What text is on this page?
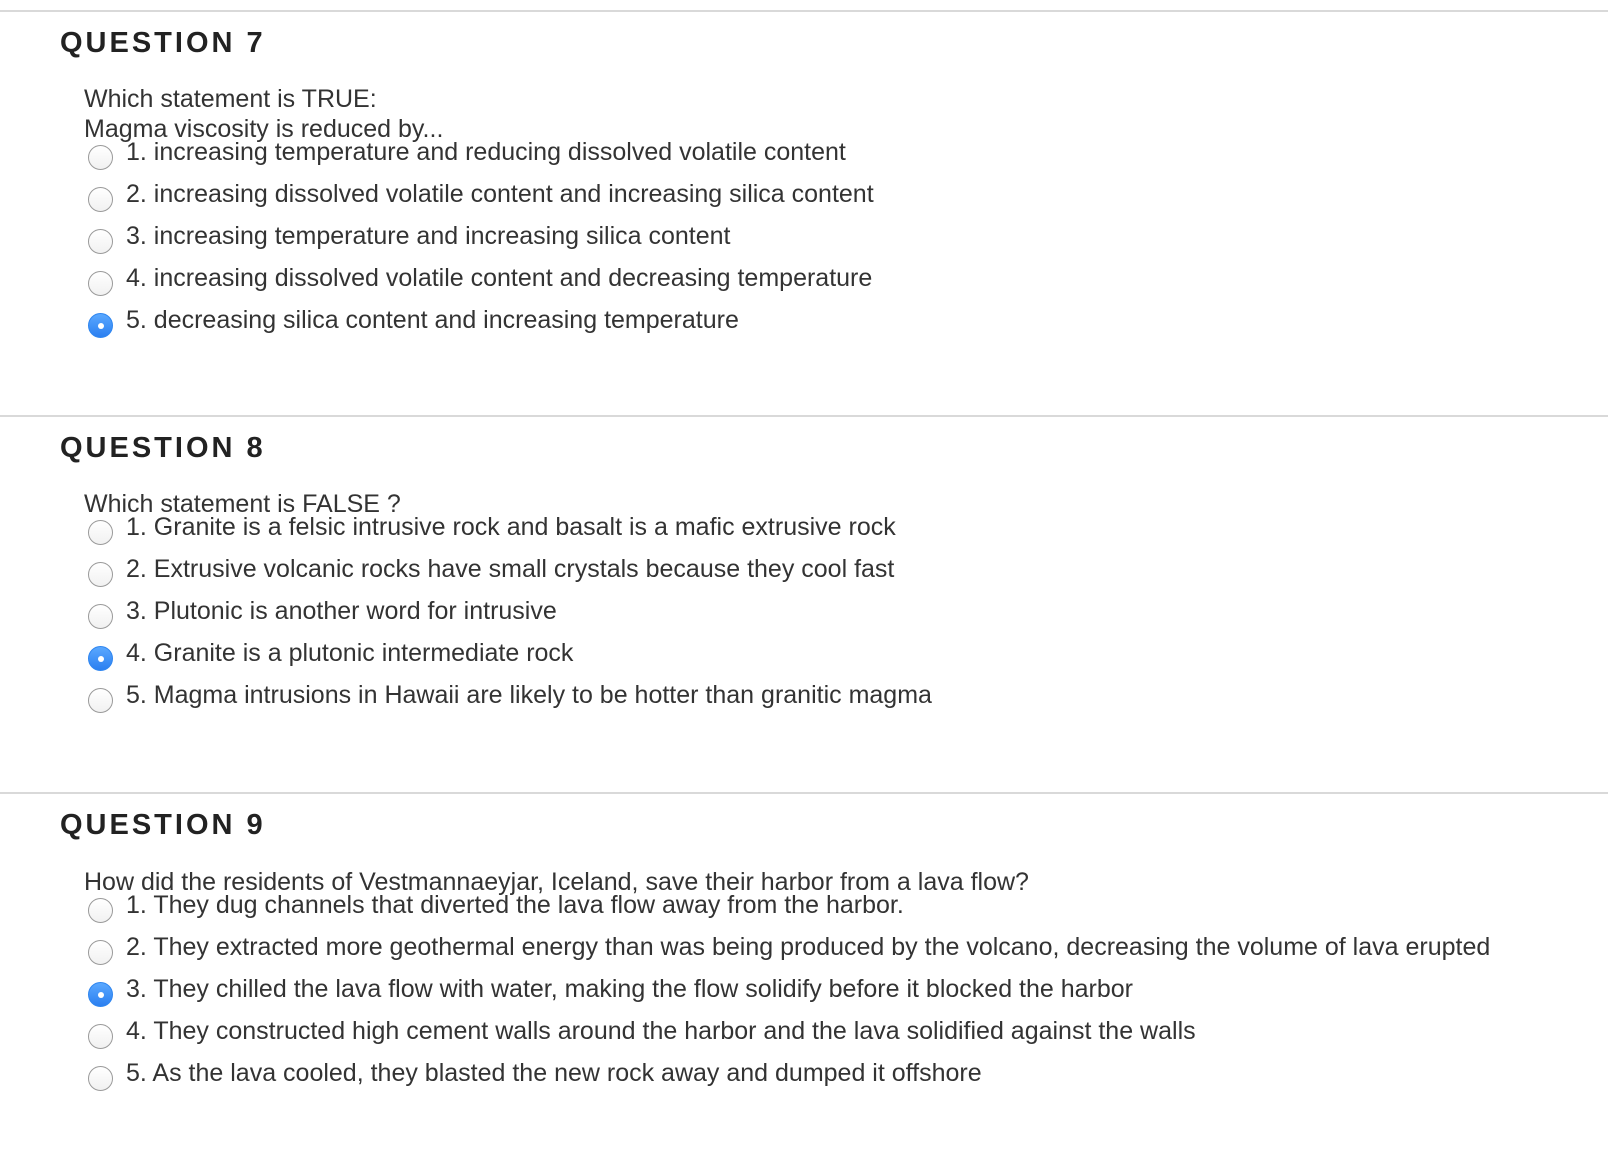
QUESTION 7
Which statement is TRUE:
Magma viscosity is reduced by...
1. increasing temperature and reducing dissolved volatile content
2. increasing dissolved volatile content and increasing silica content
3. increasing temperature and increasing silica content
4. increasing dissolved volatile content and decreasing temperature
5. decreasing silica content and increasing temperature
QUESTION 8
Which statement is FALSE ?
1. Granite is a felsic intrusive rock and basalt is a mafic extrusive rock
2. Extrusive volcanic rocks have small crystals because they cool fast
3. Plutonic is another word for intrusive
4. Granite is a plutonic intermediate rock
5. Magma intrusions in Hawaii are likely to be hotter than granitic magma
QUESTION 9
How did the residents of Vestmannaeyjar, Iceland, save their harbor from a lava flow?
1. They dug channels that diverted the lava flow away from the harbor.
2. They extracted more geothermal energy than was being produced by the volcano, decreasing the volume of lava erupted
3. They chilled the lava flow with water, making the flow solidify before it blocked the harbor
4. They constructed high cement walls around the harbor and the lava solidified against the walls
5. As the lava cooled, they blasted the new rock away and dumped it offshore
